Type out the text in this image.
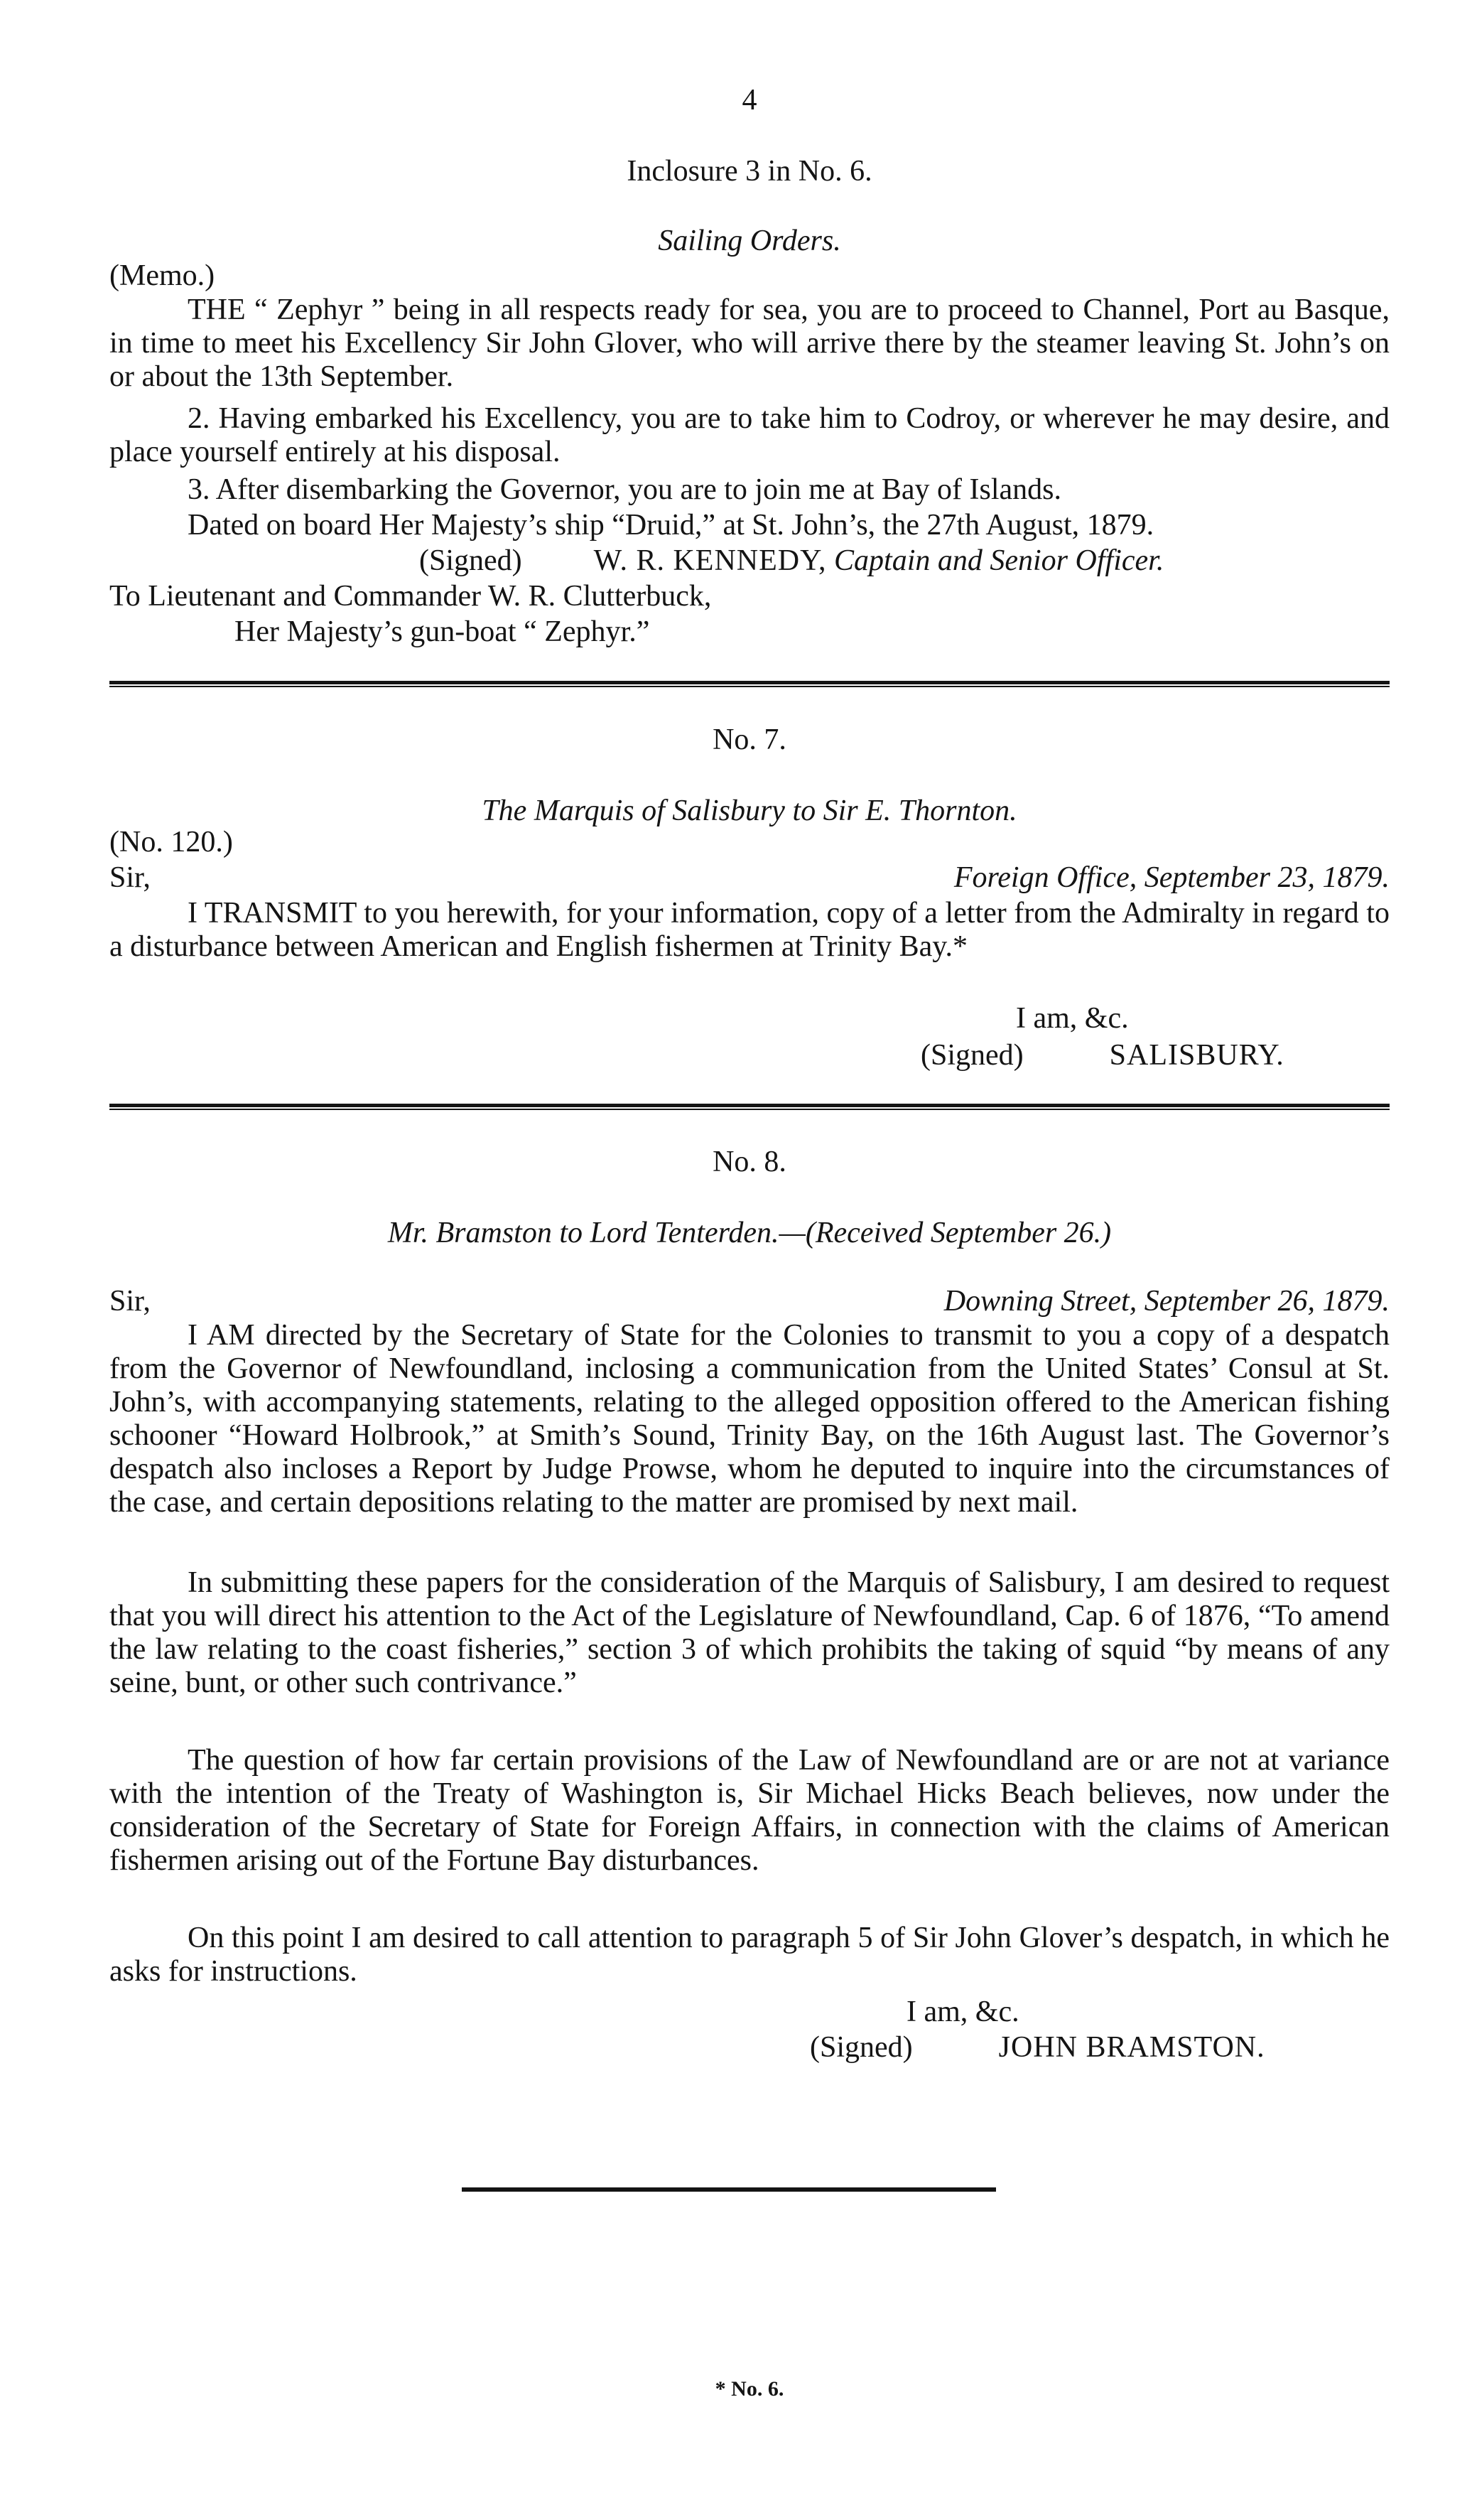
4
Inclosure 3 in No. 6.
Sailing Orders.
(Memo.)
THE “ Zephyr ” being in all respects ready for sea, you are to proceed to Channel, Port au Basque, in time to meet his Excellency Sir John Glover, who will arrive there by the steamer leaving St. John’s on or about the 13th September.
2. Having embarked his Excellency, you are to take him to Codroy, or wherever he may desire, and place yourself entirely at his disposal.
3. After disembarking the Governor, you are to join me at Bay of Islands.
Dated on board Her Majesty’s ship “Druid,” at St. John’s, the 27th August, 1879.
(Signed) W. R. KENNEDY, Captain and Senior Officer.
To Lieutenant and Commander W. R. Clutterbuck,
Her Majesty’s gun-boat “ Zephyr.”
No. 7.
The Marquis of Salisbury to Sir E. Thornton.
(No. 120.)
Sir,	Foreign Office, September 23, 1879.
I TRANSMIT to you herewith, for your information, copy of a letter from the Admiralty in regard to a disturbance between American and English fishermen at Trinity Bay.*
I am, &c.
(Signed)	SALISBURY.
No. 8.
Mr. Bramston to Lord Tenterden.—(Received September 26.)
Sir,	Downing Street, September 26, 1879.
I AM directed by the Secretary of State for the Colonies to transmit to you a copy of a despatch from the Governor of Newfoundland, inclosing a communication from the United States’ Consul at St. John’s, with accompanying statements, relating to the alleged opposition offered to the American fishing schooner “Howard Holbrook,” at Smith’s Sound, Trinity Bay, on the 16th August last. The Governor’s despatch also incloses a Report by Judge Prowse, whom he deputed to inquire into the circumstances of the case, and certain depositions relating to the matter are promised by next mail.
In submitting these papers for the consideration of the Marquis of Salisbury, I am desired to request that you will direct his attention to the Act of the Legislature of Newfoundland, Cap. 6 of 1876, “To amend the law relating to the coast fisheries,” section 3 of which prohibits the taking of squid “by means of any seine, bunt, or other such contrivance.”
The question of how far certain provisions of the Law of Newfoundland are or are not at variance with the intention of the Treaty of Washington is, Sir Michael Hicks Beach believes, now under the consideration of the Secretary of State for Foreign Affairs, in connection with the claims of American fishermen arising out of the Fortune Bay disturbances.
On this point I am desired to call attention to paragraph 5 of Sir John Glover’s despatch, in which he asks for instructions.
I am, &c.
(Signed)	JOHN BRAMSTON.
* No. 6.
